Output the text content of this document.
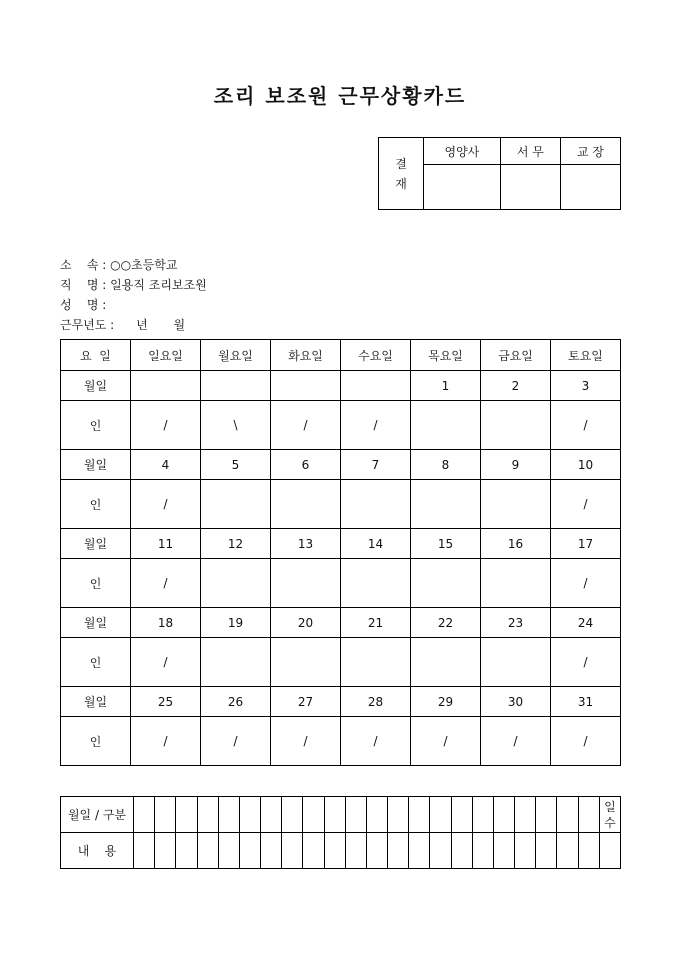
조리 보조원 근무상황카드
결
재	영양사	서 무	교 장

소    속 : ○○초등학교
직    명 : 일용직 조리보조원
성    명 :
근무년도 : 년 월
요  일	일요일	월요일	화요일	수요일	목요일	금요일	토요일
월일					1	2	3
인	/	\	/	/			/
월일	4	5	6	7	8	9	10
인	/						/
월일	11	12	13	14	15	16	17
인	/						/
월일	18	19	20	21	22	23	24
인	/						/
월일	25	26	27	28	29	30	31
인	/	/	/	/	/	/	/
월일 / 구분																							일
수
내    용																							
